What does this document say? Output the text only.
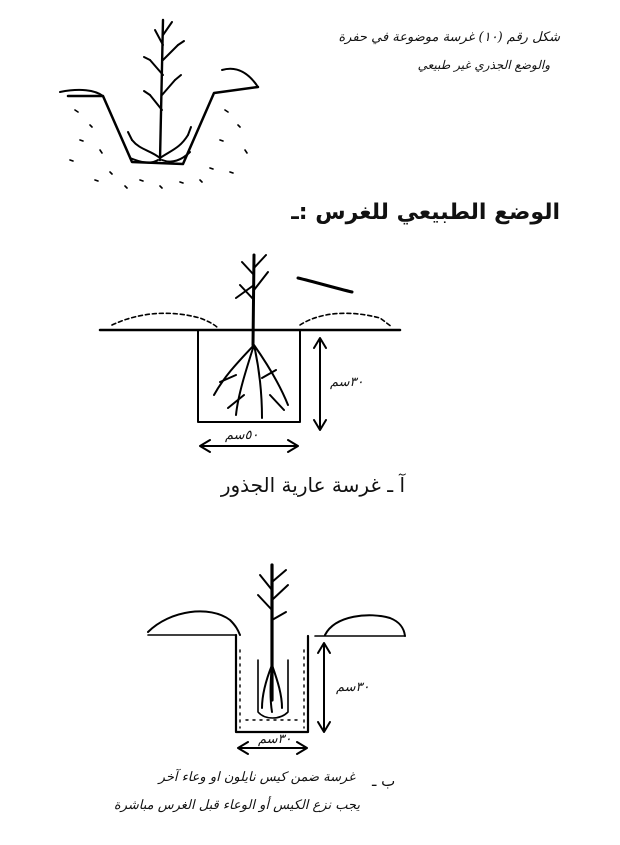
شكل رقم (١٠) غرسة موضوعة في حفرة
والوضع الجذري غير طبيعي
الوضع الطبيعي للغرس :ـ
٣٠سم
٥٠سم
آ ـ غرسة عارية الجذور
٣٠سم
٣٠سم
ب ـ
غرسة ضمن كيس نايلون او وعاء آخر
يجب نزع الكيس أو الوعاء قبل الغرس مباشرة
